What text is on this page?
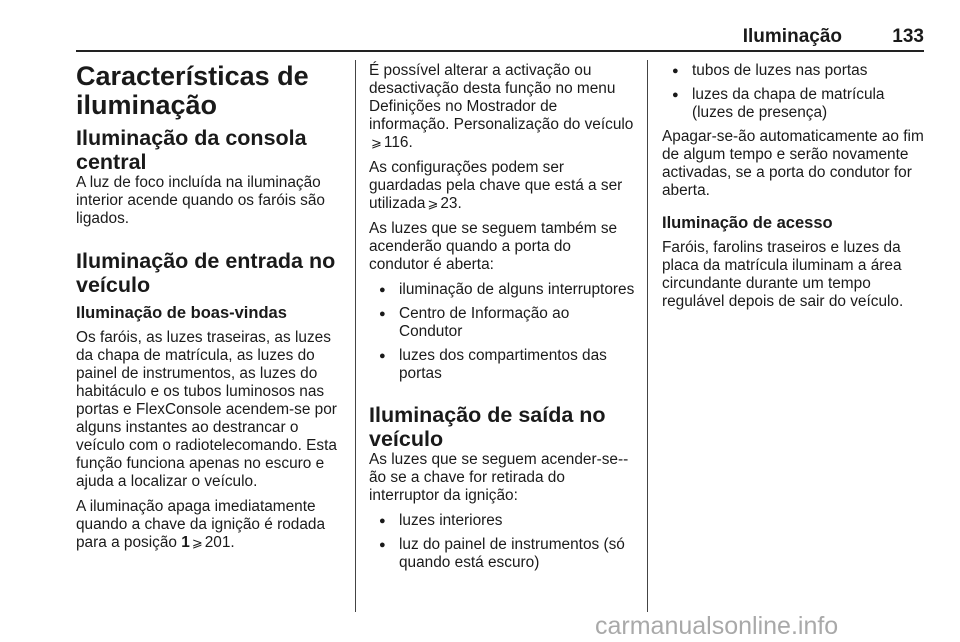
Iluminação	133
Características de
iluminação
Iluminação da consola
central

A luz de foco incluída na iluminação interior acende quando os faróis são ligados.

Iluminação de entrada no
veículo
Iluminação de boas-vindas

Os faróis, as luzes traseiras, as luzes da chapa de matrícula, as luzes do painel de instrumentos, as luzes do habitáculo e os tubos luminosos nas portas e FlexConsole acendem-se por alguns instantes ao destrancar o veículo com o radiotelecomando. Esta função funciona apenas no escuro e ajuda a localizar o veículo.

A iluminação apaga imediatamente quando a chave da ignição é rodada para a posição 1 ⩾ 201.

É possível alterar a activação ou desactivação desta função no menu Definições no Mostrador de informação. Personalização do veículo⩾ 116.

As configurações podem ser guardadas pela chave que está a ser utilizada ⩾ 23.

As luzes que se seguem também se acenderão quando a porta do condutor é aberta:

● iluminação de alguns interruptores
● Centro de Informação ao Condutor
● luzes dos compartimentos das portas
Iluminação de saída no
veículo

As luzes que se seguem acender-se--ão se a chave for retirada do interruptor da ignição:

● luzes interiores
● luz do painel de instrumentos (só quando está escuro)
● tubos de luzes nas portas
● luzes da chapa de matrícula (luzes de presença)

Apagar-se-ão automaticamente ao fim de algum tempo e serão novamente activadas, se a porta do condutor for aberta.

Iluminação de acesso

Faróis, farolins traseiros e luzes da placa da matrícula iluminam a área circundante durante um tempo regulável depois de sair do veículo.

carmanualsonline.info
